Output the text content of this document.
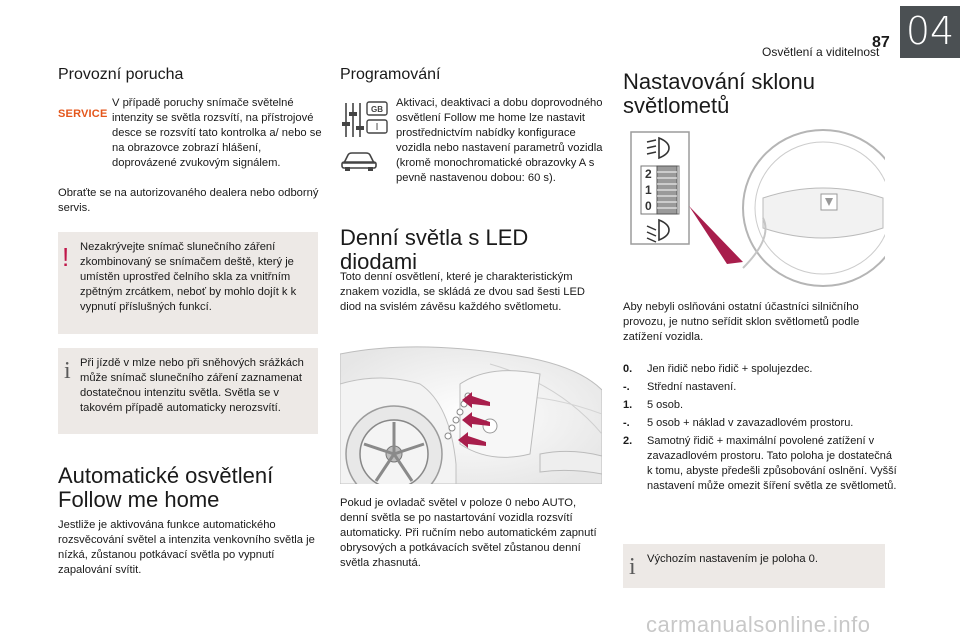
87
Osvětlení a viditelnost 04
Provozní porucha
SERVICE
V případě poruchy snímače světelné intenzity se světla rozsvítí, na přístrojové desce se rozsvítí tato kontrolka a/ nebo se na obrazovce zobrazí hlášení, doprovázené zvukovým signálem.
Obraťte se na autorizovaného dealera nebo odborný servis.
! Nezakrývejte snímač slunečního záření zkombinovaný se snímačem deště, který je umístěn uprostřed čelního skla za vnitřním zpětným zrcátkem, neboť by mohlo dojít k k vypnutí příslušných funkcí.
i Při jízdě v mlze nebo při sněhových srážkách může snímač slunečního záření zaznamenat dostatečnou intenzitu světla. Světla se v takovém případě automaticky nerozsvítí.
Automatické osvětlení Follow me home
Jestliže je aktivována funkce automatického rozsvěcování světel a intenzita venkovního světla je nízká, zůstanou potkávací světla po vypnutí zapalování svítit.
Programování
GB
I
Aktivaci, deaktivaci a dobu doprovodného osvětlení Follow me home lze nastavit prostřednictvím nabídky konfigurace vozidla nebo nastavení parametrů vozidla (kromě monochromatické obrazovky A s pevně nastavenou dobou: 60 s).
Denní světla s LED diodami
Toto denní osvětlení, které je charakteristickým znakem vozidla, se skládá ze dvou sad šesti LED diod na svislém závěsu každého světlometu.
Pokud je ovladač světel v poloze 0 nebo AUTO, denní světla se po nastartování vozidla rozsvítí automaticky. Při ručním nebo automatickém zapnutí obrysových a potkávacích světel zůstanou denní světla zhasnutá.
Nastavování sklonu světlometů
2
1
0
Aby nebyli oslňováni ostatní účastníci silničního provozu, je nutno seřídit sklon světlometů podle zatížení vozidla.
0. Jen řidič nebo řidič + spolujezdec.
-. Střední nastavení.
1. 5 osob.
-. 5 osob + náklad v zavazadlovém prostoru.
2. Samotný řidič + maximální povolené zatížení v zavazadlovém prostoru. Tato poloha je dostatečná k tomu, abyste předešli způsobování oslnění. Vyšší nastavení může omezit šíření světla ze světlometů.
i Výchozím nastavením je poloha 0.
carmanualsonline.info
